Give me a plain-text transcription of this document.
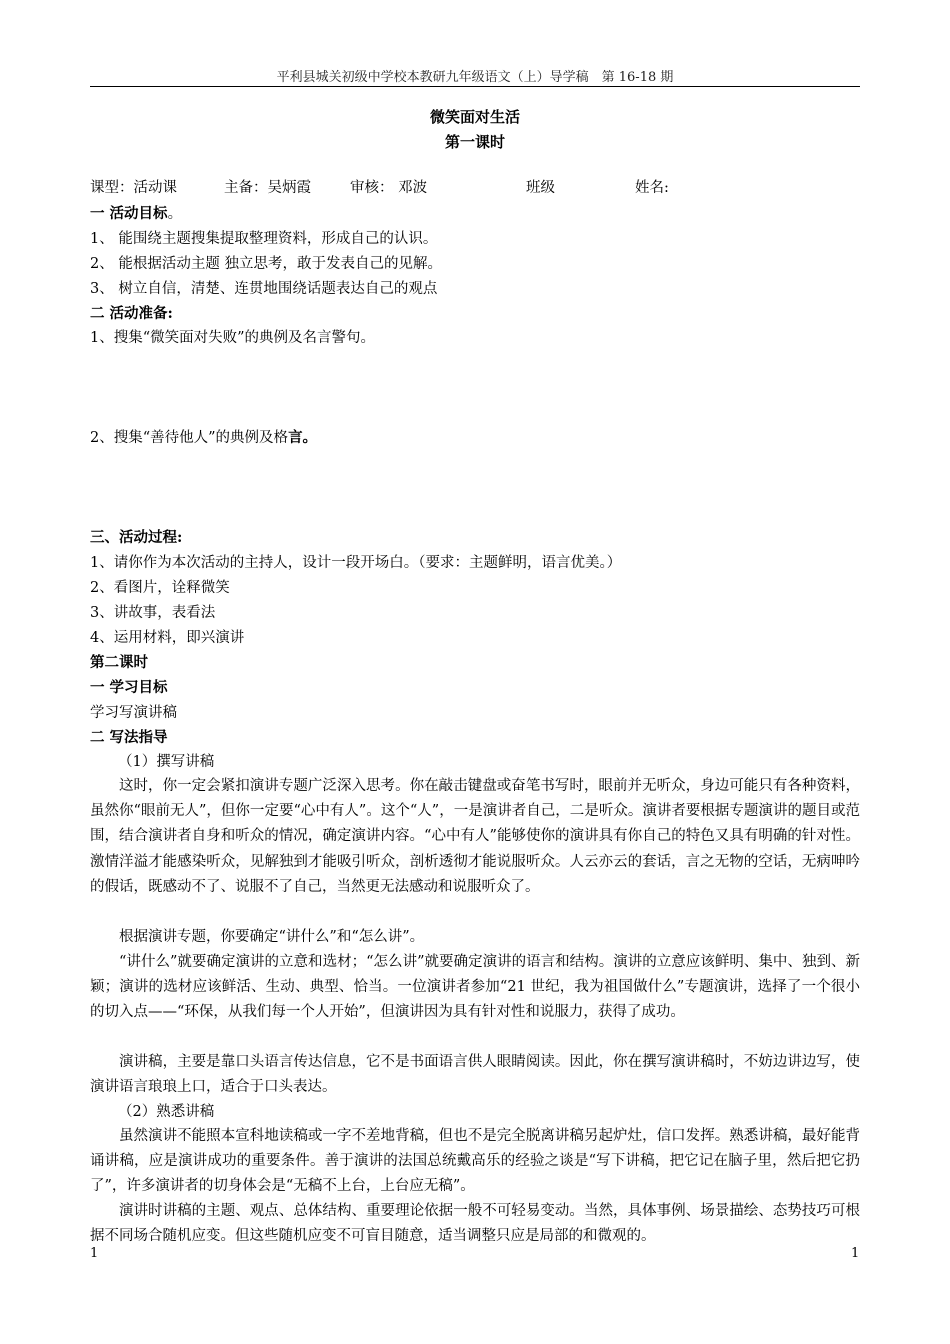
平利县城关初级中学校本教研九年级语文（上）导学稿　第 16-18 期
微笑面对生活
第一课时
课型：活动课	主备：吴炳霞	审核： 邓波	班级	姓名:
一 活动目标。
1、 能围绕主题搜集提取整理资料，形成自己的认识。
2、 能根据活动主题 独立思考，敢于发表自己的见解。
3、 树立自信，清楚、连贯地围绕话题表达自己的观点
二 活动准备:
1、搜集“微笑面对失败”的典例及名言警句。
2、搜集“善待他人”的典例及格言。
三、活动过程:
1、请你作为本次活动的主持人，设计一段开场白。（要求：主题鲜明，语言优美。）
2、看图片，诠释微笑
3、讲故事，表看法
4、运用材料，即兴演讲
第二课时
一 学习目标
学习写演讲稿
二 写法指导
（1）撰写讲稿
这时，你一定会紧扣演讲专题广泛深入思考。你在敲击键盘或奋笔书写时，眼前并无听众，身边可能只有各种资料，虽然你“眼前无人”，但你一定要“心中有人”。这个“人”，一是演讲者自己，二是听众。演讲者要根据专题演讲的题目或范围，结合演讲者自身和听众的情况，确定演讲内容。“心中有人”能够使你的演讲具有你自己的特色又具有明确的针对性。激情洋溢才能感染听众，见解独到才能吸引听众，剖析透彻才能说服听众。人云亦云的套话，言之无物的空话，无病呻吟的假话，既感动不了、说服不了自己，当然更无法感动和说服听众了。
根据演讲专题，你要确定“讲什么”和“怎么讲”。
“讲什么”就要确定演讲的立意和选材；“怎么讲”就要确定演讲的语言和结构。演讲的立意应该鲜明、集中、独到、新颖；演讲的选材应该鲜活、生动、典型、恰当。一位演讲者参加“21 世纪，我为祖国做什么”专题演讲，选择了一个很小的切入点——“环保，从我们每一个人开始”，但演讲因为具有针对性和说服力，获得了成功。
演讲稿，主要是靠口头语言传达信息，它不是书面语言供人眼睛阅读。因此，你在撰写演讲稿时，不妨边讲边写，使演讲语言琅琅上口，适合于口头表达。
（2）熟悉讲稿
虽然演讲不能照本宣科地读稿或一字不差地背稿，但也不是完全脱离讲稿另起炉灶，信口发挥。熟悉讲稿，最好能背诵讲稿，应是演讲成功的重要条件。善于演讲的法国总统戴高乐的经验之谈是“写下讲稿，把它记在脑子里，然后把它扔了”，许多演讲者的切身体会是“无稿不上台，上台应无稿”。
演讲时讲稿的主题、观点、总体结构、重要理论依据一般不可轻易变动。当然，具体事例、场景描绘、态势技巧可根据不同场合随机应变。但这些随机应变不可盲目随意，适当调整只应是局部的和微观的。
1	1
